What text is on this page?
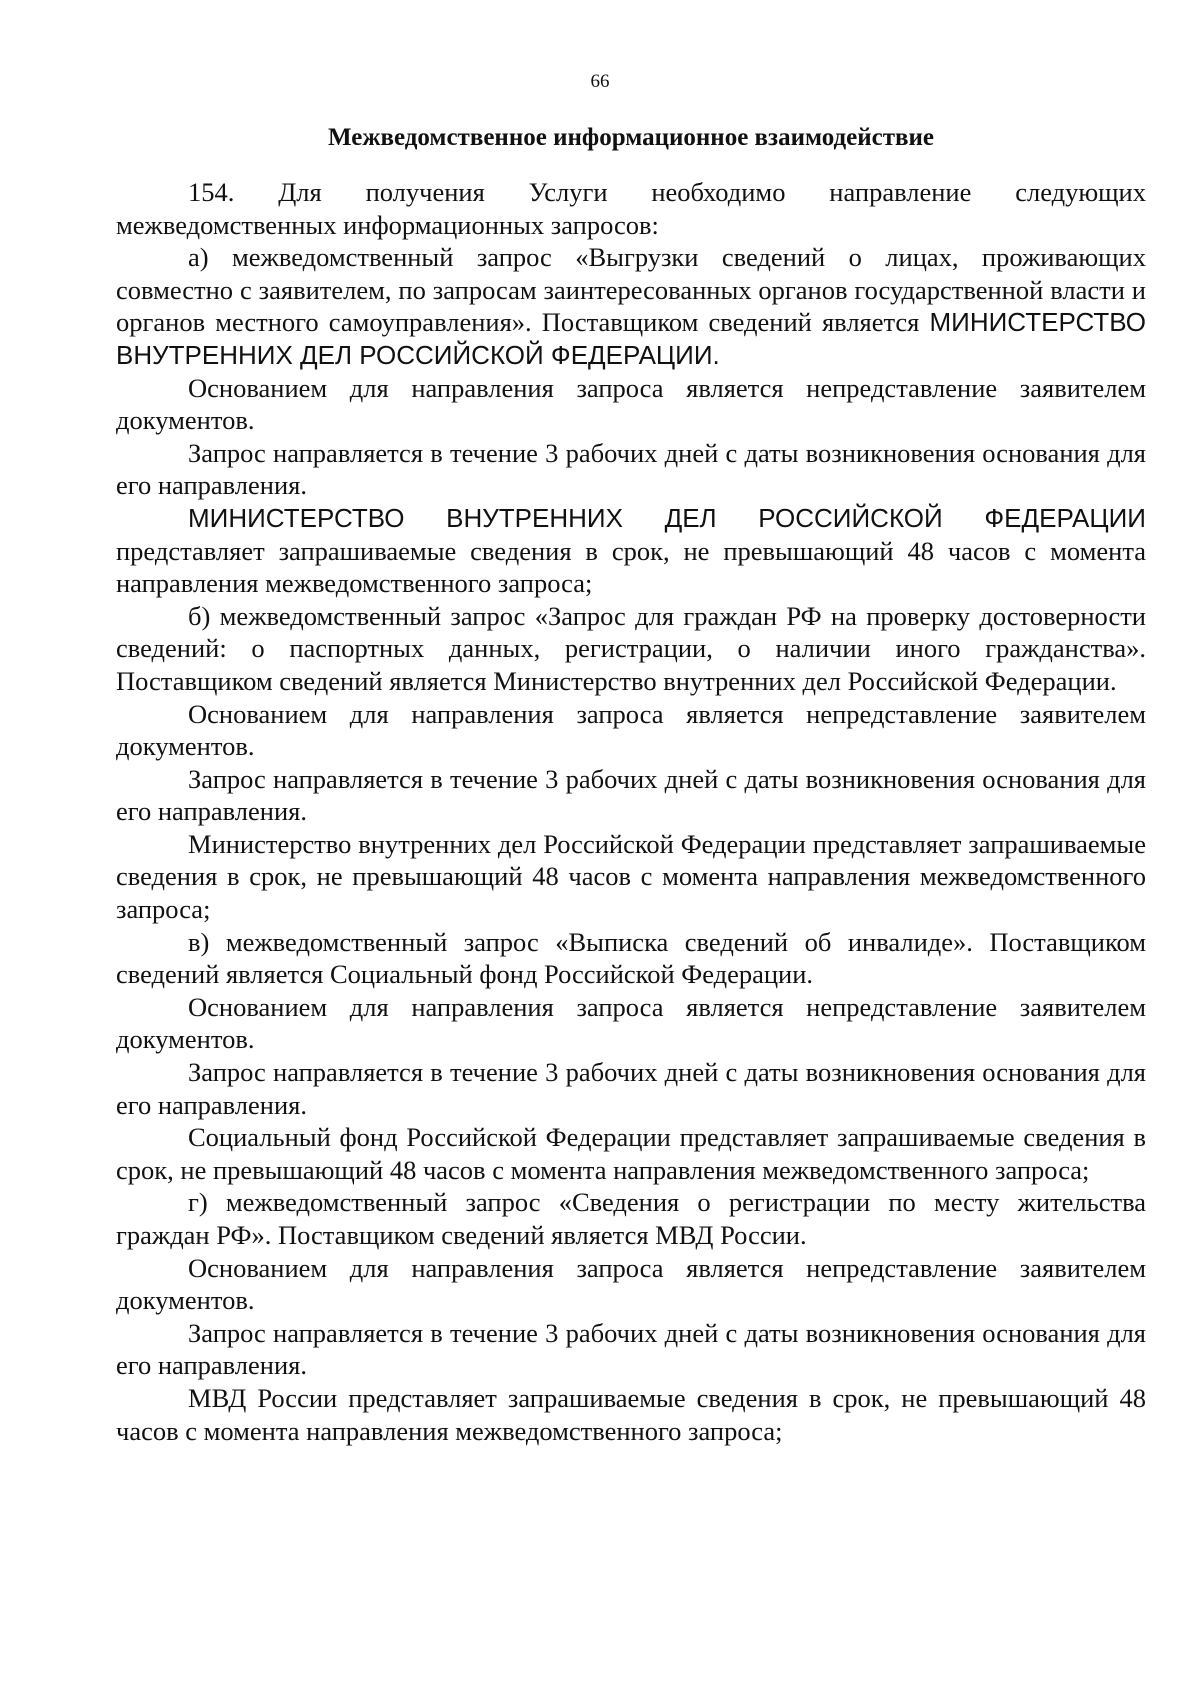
66
Межведомственное информационное взаимодействие

154. Для получения Услуги необходимо направление следующих межведомственных информационных запросов:

а) межведомственный запрос «Выгрузки сведений о лицах, проживающих совместно с заявителем, по запросам заинтересованных органов государственной власти и органов местного самоуправления». Поставщиком сведений является МИНИСТЕРСТВО ВНУТРЕННИХ ДЕЛ РОССИЙСКОЙ ФЕДЕРАЦИИ.

Основанием для направления запроса является непредставление заявителем документов.

Запрос направляется в течение 3 рабочих дней с даты возникновения основания для его направления.

МИНИСТЕРСТВО ВНУТРЕННИХ ДЕЛ РОССИЙСКОЙ ФЕДЕРАЦИИ представляет запрашиваемые сведения в срок, не превышающий 48 часов с момента направления межведомственного запроса;

б) межведомственный запрос «Запрос для граждан РФ на проверку достоверности сведений: о паспортных данных, регистрации, о наличии иного гражданства». Поставщиком сведений является Министерство внутренних дел Российской Федерации.

Основанием для направления запроса является непредставление заявителем документов.

Запрос направляется в течение 3 рабочих дней с даты возникновения основания для его направления.

Министерство внутренних дел Российской Федерации представляет запрашиваемые сведения в срок, не превышающий 48 часов с момента направления межведомственного запроса;

в) межведомственный запрос «Выписка сведений об инвалиде». Поставщиком сведений является Социальный фонд Российской Федерации.

Основанием для направления запроса является непредставление заявителем документов.

Запрос направляется в течение 3 рабочих дней с даты возникновения основания для его направления.

Социальный фонд Российской Федерации представляет запрашиваемые сведения в срок, не превышающий 48 часов с момента направления межведомственного запроса;

г) межведомственный запрос «Сведения о регистрации по месту жительства граждан РФ». Поставщиком сведений является МВД России.

Основанием для направления запроса является непредставление заявителем документов.

Запрос направляется в течение 3 рабочих дней с даты возникновения основания для его направления.

МВД России представляет запрашиваемые сведения в срок, не превышающий 48 часов с момента направления межведомственного запроса;
